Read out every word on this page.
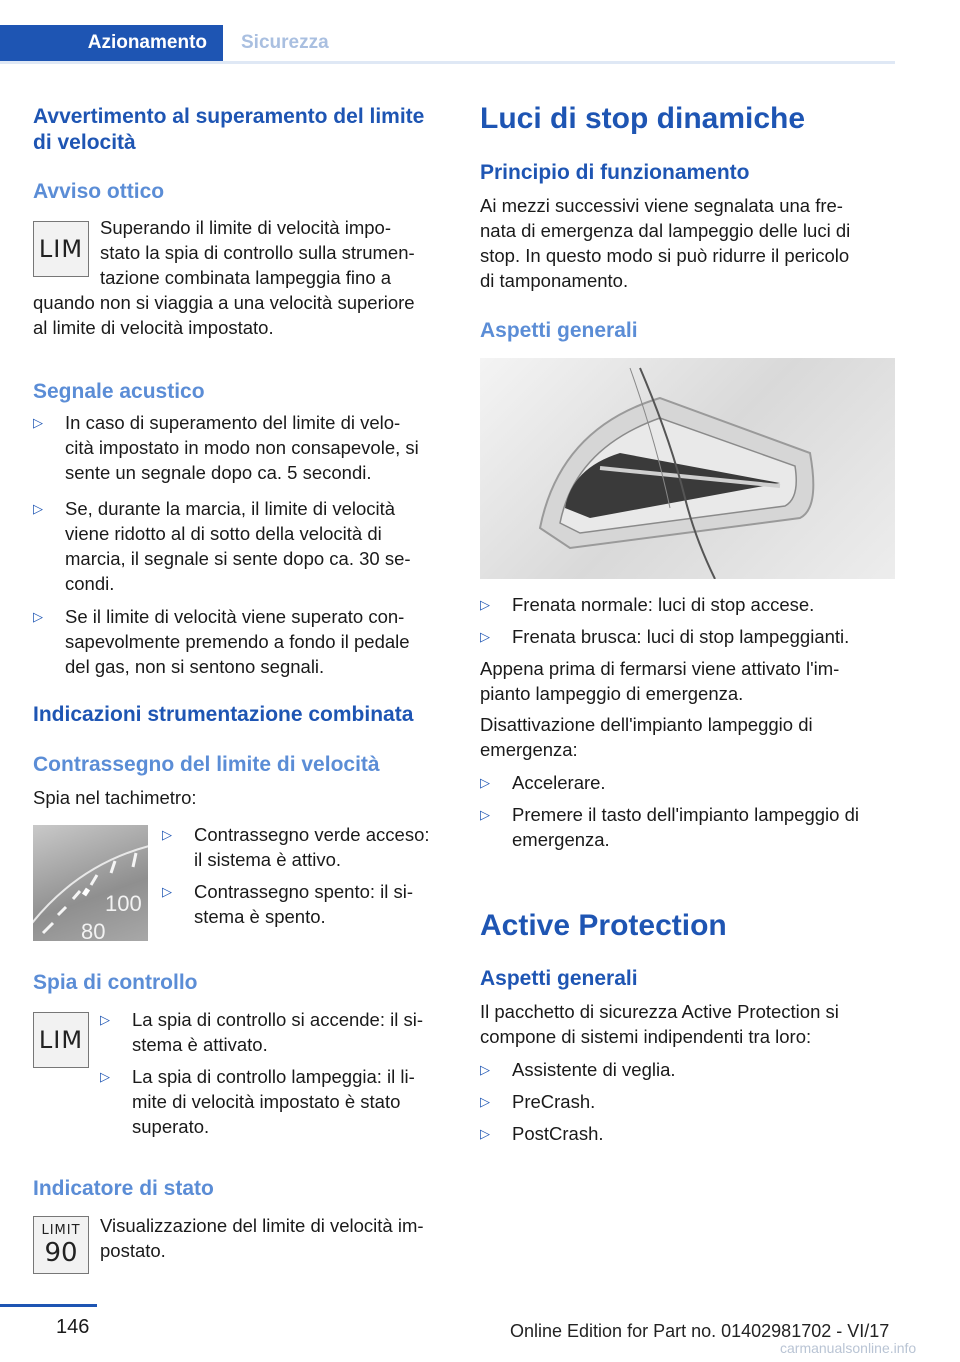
Azionamento	Sicurezza
Avvertimento al superamento del limite di velocità
Avviso ottico
LIM

Superando il limite di velocità impo-

stato la spia di controllo sulla strumen-

tazione combinata lampeggia fino a

quando non si viaggia a una velocità superiore

al limite di velocità impostato.

Segnale acustico
▷ In caso di superamento del limite di velo-
cità impostato in modo non consapevole, si
sente un segnale dopo ca. 5 secondi.
▷ Se, durante la marcia, il limite di velocità
viene ridotto al di sotto della velocità di
marcia, il segnale si sente dopo ca. 30 se-
condi.
▷ Se il limite di velocità viene superato con-
sapevolmente premendo a fondo il pedale
del gas, non si sentono segnali.
Indicazioni strumentazione combinata
Contrassegno del limite di velocità

Spia nel tachimetro:

100
80
▷ Contrassegno verde acceso:
il sistema è attivo.
▷ Contrassegno spento: il si-
stema è spento.
Spia di controllo
LIM
▷ La spia di controllo si accende: il si-
stema è attivato.
▷ La spia di controllo lampeggia: il li-
mite di velocità impostato è stato
superato.
Indicatore di stato
LIMIT
90

Visualizzazione del limite di velocità im-

postato.

Luci di stop dinamiche
Principio di funzionamento

Ai mezzi successivi viene segnalata una fre-

nata di emergenza dal lampeggio delle luci di

stop. In questo modo si può ridurre il pericolo

di tamponamento.

Aspetti generali
▷ Frenata normale: luci di stop accese.
▷ Frenata brusca: luci di stop lampeggianti.

Appena prima di fermarsi viene attivato l'im-

pianto lampeggio di emergenza.

Disattivazione dell'impianto lampeggio di

emergenza:

▷ Accelerare.
▷ Premere il tasto dell'impianto lampeggio di
emergenza.
Active Protection
Aspetti generali

Il pacchetto di sicurezza Active Protection si

compone di sistemi indipendenti tra loro:

▷ Assistente di veglia.
▷ PreCrash.
▷ PostCrash.
146	Online Edition for Part no. 01402981702 - VI/17
carmanualsonline.info
